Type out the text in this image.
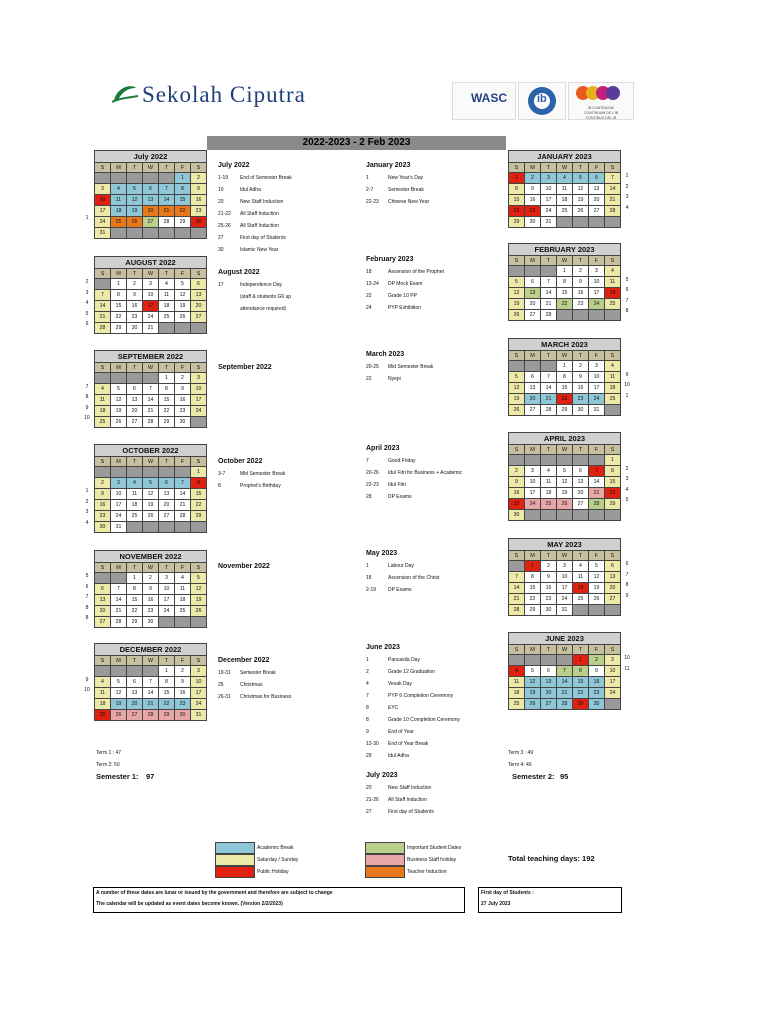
Sekolah Ciputra	WASC	ib
IB CONTINUUM
CONTINUUM DE L'IB
CONTINUO DEL IB
2022-2023 - 2 Feb 2023
July 2022						
S	M	T	W	T	F	S
					1	2
3	4	5	6	7	8	9
10	11	12	13	14	15	16
17	18	19	20	21	22	23
24	25	26	27	28	29	30
31						
1
AUGUST 2022						
S	M	T	W	T	F	S
	1	2	3	4	5	6
7	8	9	10	11	12	13
14	15	16	17	18	19	20
21	22	23	24	25	26	27
28	29	30	31			
2
3
4
5
6
SEPTEMBER 2022						
S	M	T	W	T	F	S
				1	2	3
4	5	6	7	8	9	10
11	12	13	14	15	16	17
18	19	20	21	22	23	24
25	26	27	28	29	30	
7
8
9
10
OCTOBER 2022						
S	M	T	W	T	F	S
						1
2	3	4	5	6	7	8
9	10	11	12	13	14	15
16	17	18	19	20	21	22
23	24	25	26	27	28	29
30	31					
1
2
3
4
NOVEMBER 2022						
S	M	T	W	T	F	S
		1	2	3	4	5
6	7	8	9	10	11	12
13	14	15	16	17	18	19
20	21	22	23	24	25	26
27	28	29	30			
5
6
7
8
8
DECEMBER 2022						
S	M	T	W	T	F	S
				1	2	3
4	5	6	7	8	9	10
11	12	13	14	15	16	17
18	19	20	21	22	23	24
25	26	27	28	29	30	31
9
10
JANUARY 2023						
S	M	T	W	T	F	S
1	2	3	4	5	6	7
8	9	10	11	12	13	14
15	16	17	18	19	20	21
22	23	24	25	26	27	28
29	30	31				
1
2
3
4
FEBRUARY 2023						
S	M	T	W	T	F	S
			1	2	3	4
5	6	7	8	9	10	11
12	13	14	15	16	17	18
19	20	21	22	23	24	25
26	27	28				
5
6
7
8
MARCH 2023						
S	M	T	W	T	F	S
			1	2	3	4
5	6	7	8	9	10	11
12	13	14	15	16	17	18
19	20	21	22	23	24	25
26	27	28	29	30	31	
9
10
1
APRIL 2023						
S	M	T	W	T	F	S
						1
2	3	4	5	6	7	8
9	10	11	12	13	14	15
16	17	18	19	20	21	22
23	24	25	26	27	28	29
30						
2
3
4
5
MAY 2023						
S	M	T	W	T	F	S
	1	2	3	4	5	6
7	8	9	10	11	12	13
14	15	16	17	18	19	20
21	22	23	24	25	26	27
28	29	30	31			
6
7
8
9
JUNE 2023						
S	M	T	W	T	F	S
				1	2	3
4	5	6	7	8	9	10
11	12	13	14	15	16	17
18	19	20	21	22	23	24
25	26	27	28	29	30	
10
11
July 2022
1-19 End of Semester Break
10	Idul Adha
20	New Staff Induction
21-22 All Staff Induction
25-26 All Staff Induction
27	First day of Students
30	Islamic New Year
August 2022
17	Independence Day
(staff & students G6 up
attendance required)
September 2022
October 2022
3-7	Mid Semester Break
8	Prophet's Birthday
November 2022
December 2022
19-31 Semester Break
25	Christmas
26-31 Christmas for Business
January 2023
1	New Year's Day
2-7	Semester Break
22-23 Chinese New Year
February 2023
18	Ascension of the Prophet
13-24 DP Mock Exam
22	Grade 10 PP
24	PYP Exhibition
March 2023
20-25 Mid Semester Break
22	Nyepi
April 2023
7	Good Friday
20-26 Idul Fitri for Business + Academic
22-23 Idul Fitri
28	DP Exams
May 2023
1	Labour Day
18	Ascension of the Christ
2-19 DP Exams
June 2023
1	Pancasila Day
2	Grade 12 Graduation
4	Vesak Day
7	PYP 6 Completion Ceremony
8	EYC
8	Grade 10 Completion Ceremony
9	End of Year
12-30 End of Year Break
29	Idul Adha
July 2023
20	New Staff Induction
21-26 All Staff Induction
27	First day of Students
Term 1 : 47
Term 2: 50
Semester 1: 97
Term 3 : 49
Term 4: 46
Semester 2: 95
Total teaching days: 192
Academic Break
Saturday / Sunday
Public Holiday
Important Student Dates
Business Staff holiday
Teacher Induction
A number of these dates are lunar or issued by the government and therefore are subject to change
The calendar will be updated as event dates become known. (Version 2/2/2023)
First day of Students :
27 July 2023
